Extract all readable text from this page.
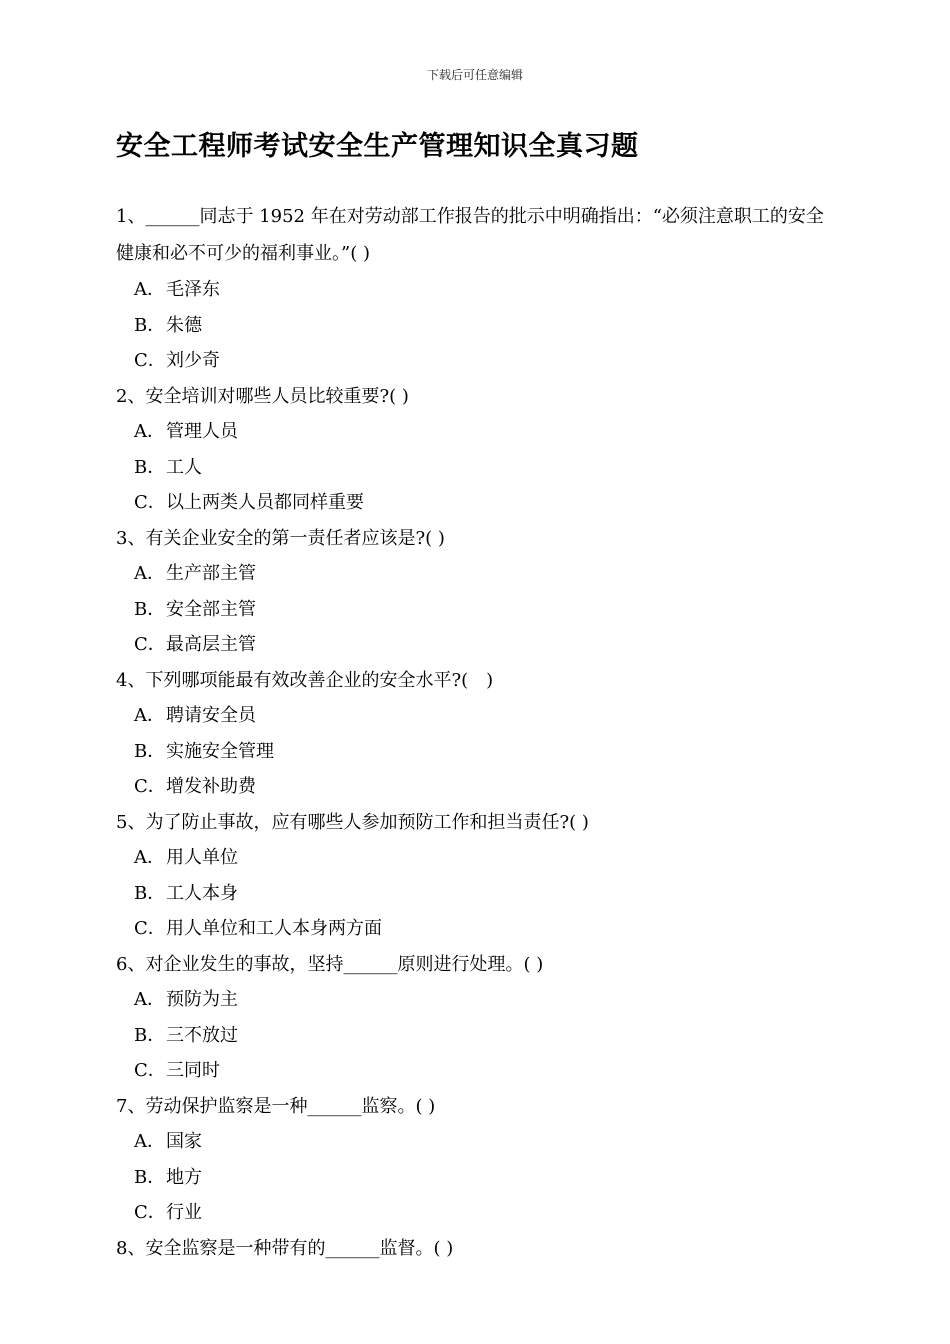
下载后可任意编辑
安全工程师考试安全生产管理知识全真习题

1、______同志于 1952 年在对劳动部工作报告的批示中明确指出：“必须注意职工的安全健康和必不可少的福利事业。”( )

A．毛泽东

B．朱德

C．刘少奇

2、安全培训对哪些人员比较重要?( )

A．管理人员

B．工人

C．以上两类人员都同样重要

3、有关企业安全的第一责任者应该是?( )

A．生产部主管

B．安全部主管

C．最高层主管

4、下列哪项能最有效改善企业的安全水平?(　)

A．聘请安全员

B．实施安全管理

C．增发补助费

5、为了防止事故，应有哪些人参加预防工作和担当责任?( )

A．用人单位

B．工人本身

C．用人单位和工人本身两方面

6、对企业发生的事故，坚持______原则进行处理。( )

A．预防为主

B．三不放过

C．三同时

7、劳动保护监察是一种______监察。( )

A．国家

B．地方

C．行业

8、安全监察是一种带有的______监督。( )
